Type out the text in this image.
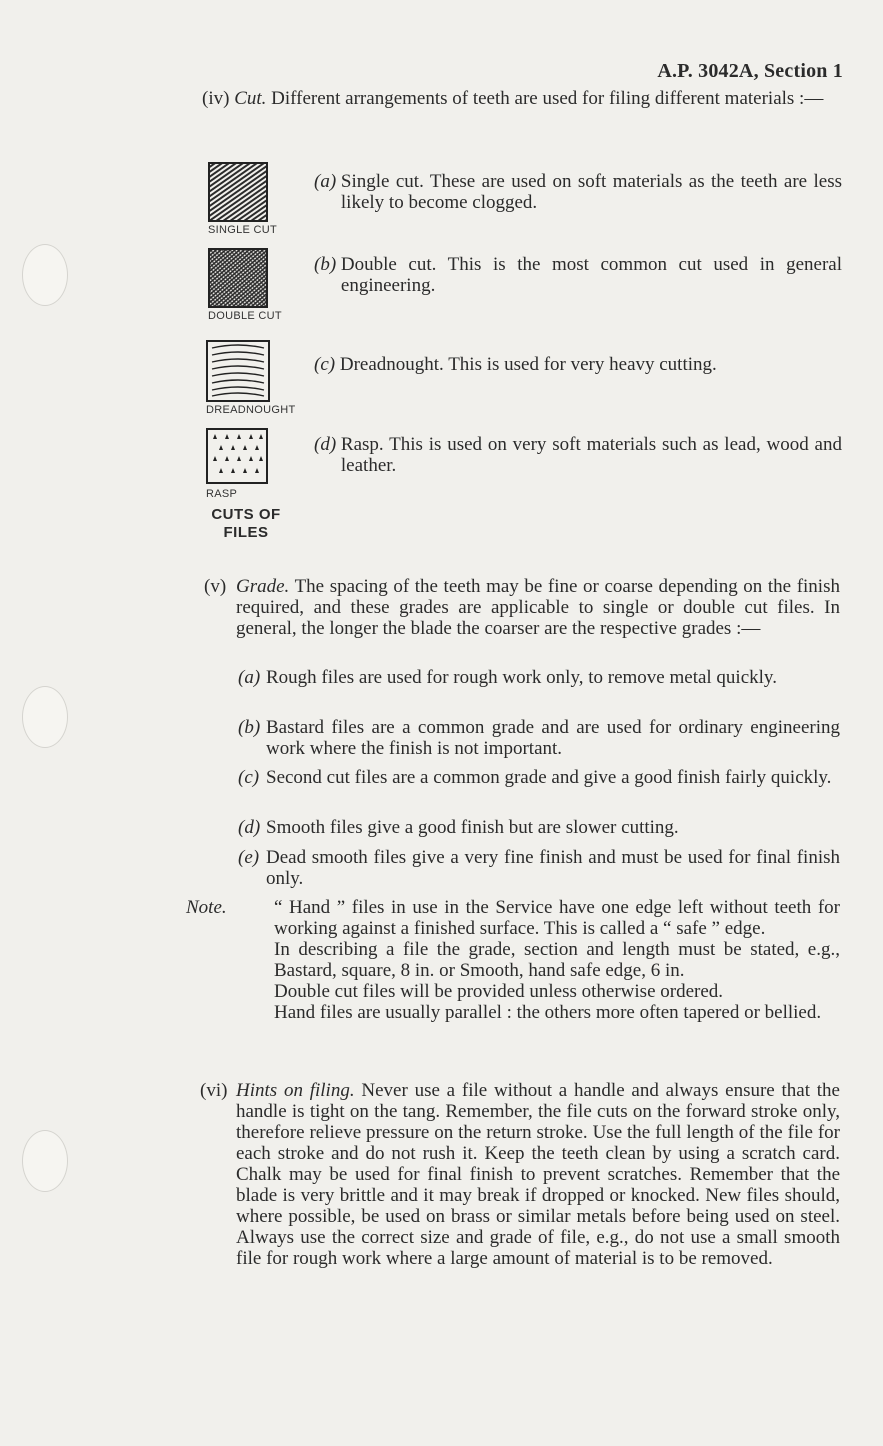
A.P. 3042A, Section 1
(iv) Cut. Different arrangements of teeth are used for filing different materials :—
SINGLE CUT
DOUBLE CUT
DREADNOUGHT
RASP
CUTS OF
FILES
(a)
Single cut. These are used on soft materials as the teeth are less likely to become clogged.
(b)
Double cut. This is the most common cut used in general engineering.
(c)
Dreadnought. This is used for very heavy cutting.
(d)
Rasp. This is used on very soft materials such as lead, wood and leather.
(v) Grade. The spacing of the teeth may be fine or coarse depending on the finish required, and these grades are applicable to single or double cut files. In general, the longer the blade the coarser are the respective grades :—
(a) Rough files are used for rough work only, to remove metal quickly.
(b) Bastard files are a common grade and are used for ordinary engineering work where the finish is not important.
(c) Second cut files are a common grade and give a good finish fairly quickly.
(d) Smooth files give a good finish but are slower cutting.
(e) Dead smooth files give a very fine finish and must be used for final finish only.
Note. “ Hand ” files in use in the Service have one edge left without teeth for working against a finished surface. This is called a “ safe ” edge.
In describing a file the grade, section and length must be stated, e.g., Bastard, square, 8 in. or Smooth, hand safe edge, 6 in.
Double cut files will be provided unless otherwise ordered.
Hand files are usually parallel : the others more often tapered or bellied.
(vi) Hints on filing. Never use a file without a handle and always ensure that the handle is tight on the tang. Remember, the file cuts on the forward stroke only, therefore relieve pressure on the return stroke. Use the full length of the file for each stroke and do not rush it. Keep the teeth clean by using a scratch card. Chalk may be used for final finish to prevent scratches. Remember that the blade is very brittle and it may break if dropped or knocked. New files should, where possible, be used on brass or similar metals before being used on steel. Always use the correct size and grade of file, e.g., do not use a small smooth file for rough work where a large amount of material is to be removed.
